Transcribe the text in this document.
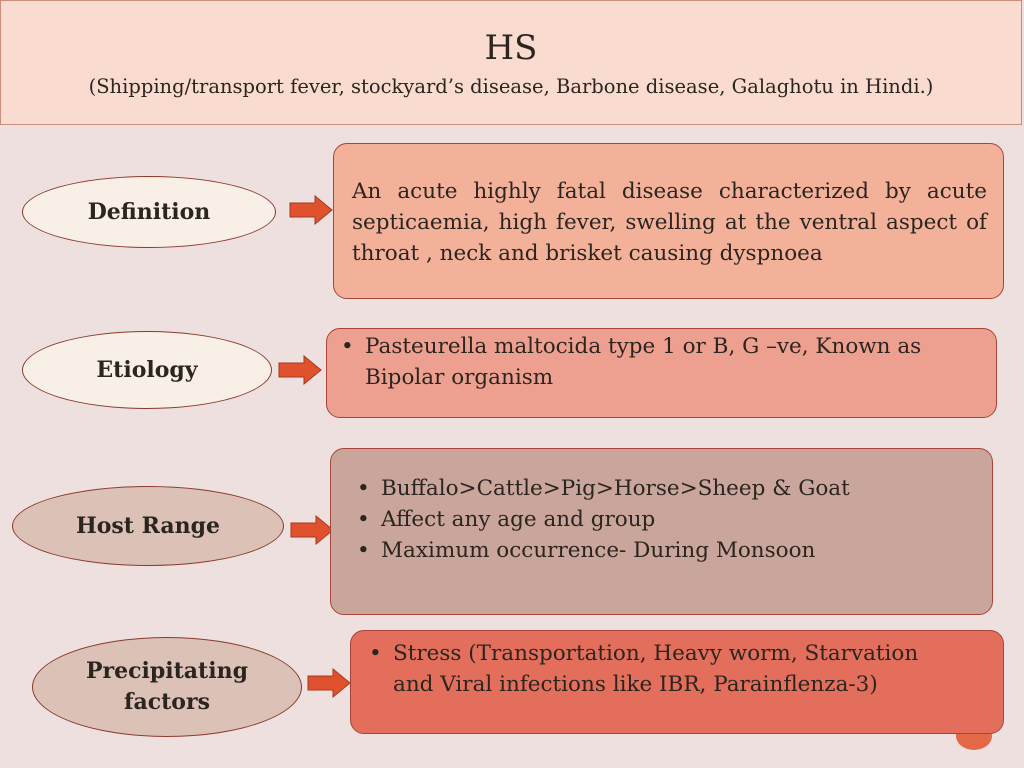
HS
(Shipping/transport fever, stockyard’s disease, Barbone disease, Galaghotu in Hindi.)
Definition
An acute highly fatal disease characterized by acute septicaemia, high fever, swelling at the ventral aspect of throat , neck and brisket causing dyspnoea
Etiology
• Pasteurella maltocida type 1 or B, G –ve, Known as Bipolar organism
Host Range
• Buffalo>Cattle>Pig>Horse>Sheep & Goat
• Affect any age and group
• Maximum occurrence- During Monsoon
Precipitating
factors
• Stress (Transportation, Heavy worm, Starvation and Viral infections like IBR, Parainflenza-3)
